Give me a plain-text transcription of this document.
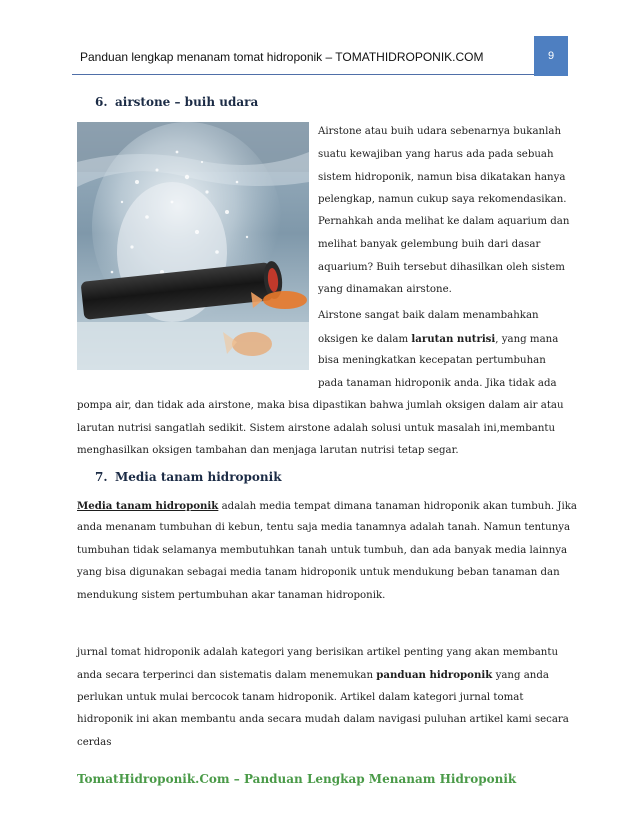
Panduan lengkap menanam tomat hidroponik – TOMATHIDROPONIK.COM	9
6. airstone – buih udara
Airstone atau buih udara sebenarnya bukanlah
suatu kewajiban yang harus ada pada sebuah
sistem hidroponik, namun bisa dikatakan hanya
pelengkap, namun cukup saya rekomendasikan.
Pernahkah anda melihat ke dalam aquarium dan
melihat banyak gelembung buih dari dasar
aquarium? Buih tersebut dihasilkan oleh sistem
yang dinamakan airstone.
Airstone sangat baik dalam menambahkan
oksigen ke dalam larutan nutrisi, yang mana
bisa meningkatkan kecepatan pertumbuhan
pada tanaman hidroponik anda. Jika tidak ada
pompa air, dan tidak ada airstone, maka bisa dipastikan bahwa jumlah oksigen dalam air atau
larutan nutrisi sangatlah sedikit. Sistem airstone adalah solusi untuk masalah ini,membantu
menghasilkan oksigen tambahan dan menjaga larutan nutrisi tetap segar.
7. Media tanam hidroponik
Media tanam hidroponik adalah media tempat dimana tanaman hidroponik akan tumbuh. Jika
anda menanam tumbuhan di kebun, tentu saja media tanamnya adalah tanah. Namun tentunya
tumbuhan tidak selamanya membutuhkan tanah untuk tumbuh, dan ada banyak media lainnya
yang bisa digunakan sebagai media tanam hidroponik untuk mendukung beban tanaman dan
mendukung sistem pertumbuhan akar tanaman hidroponik.
jurnal tomat hidroponik adalah kategori yang berisikan artikel penting yang akan membantu
anda secara terperinci dan sistematis dalam menemukan panduan hidroponik yang anda
perlukan untuk mulai bercocok tanam hidroponik. Artikel dalam kategori jurnal tomat
hidroponik ini akan membantu anda secara mudah dalam navigasi puluhan artikel kami secara
cerdas
TomatHidroponik.Com – Panduan Lengkap Menanam Hidroponik
